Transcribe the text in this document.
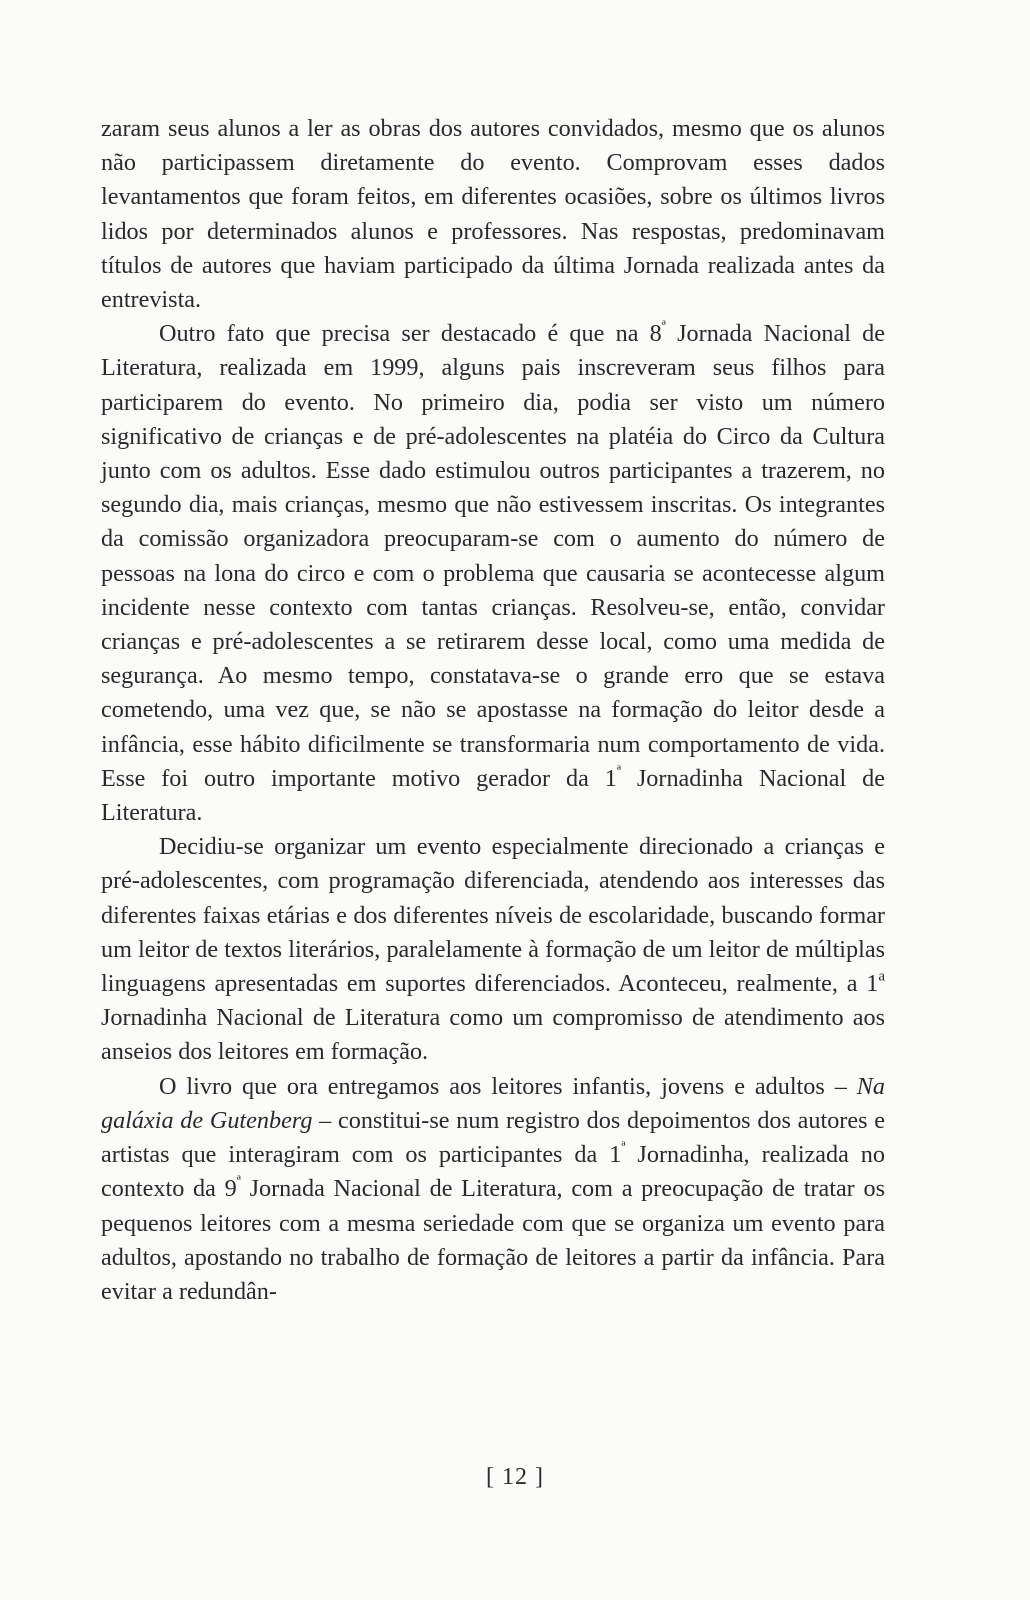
zaram seus alunos a ler as obras dos autores convidados, mesmo que os alunos não participassem diretamente do evento. Comprovam esses dados levantamentos que foram feitos, em diferentes ocasiões, sobre os últimos livros lidos por determinados alunos e professores. Nas respostas, predominavam títulos de autores que haviam participado da última Jornada realizada antes da entrevista.

Outro fato que precisa ser destacado é que na $8^ª$ Jornada Nacional de Literatura, realizada em 1999, alguns pais inscreveram seus filhos para participarem do evento. No primeiro dia, podia ser visto um número significativo de crianças e de pré-adolescentes na platéia do Circo da Cultura junto com os adultos. Esse dado estimulou outros participantes a trazerem, no segundo dia, mais crianças, mesmo que não estivessem inscritas. Os integrantes da comissão organizadora preocuparam-se com o aumento do número de pessoas na lona do circo e com o problema que causaria se acontecesse algum incidente nesse contexto com tantas crianças. Resolveu-se, então, convidar crianças e pré-adolescentes a se retirarem desse local, como uma medida de segurança. Ao mesmo tempo, constatava-se o grande erro que se estava cometendo, uma vez que, se não se apostasse na formação do leitor desde a infância, esse hábito dificilmente se transformaria num comportamento de vida. Esse foi outro importante motivo gerador da $1^ª$ Jornadinha Nacional de Literatura.

Decidiu-se organizar um evento especialmente direcionado a crianças e pré-adolescentes, com programação diferenciada, atendendo aos interesses das diferentes faixas etárias e dos diferentes níveis de escolaridade, buscando formar um leitor de textos literários, paralelamente à formação de um leitor de múltiplas linguagens apresentadas em suportes diferenciados. Aconteceu, realmente, a 1$^a$ Jornadinha Nacional de Literatura como um compromisso de atendimento aos anseios dos leitores em formação.

O livro que ora entregamos aos leitores infantis, jovens e adultos – Na galáxia de Gutenberg – constitui-se num registro dos depoimentos dos autores e artistas que interagiram com os participantes da $1^ª$ Jornadinha, realizada no contexto da $9^ª$ Jornada Nacional de Literatura, com a preocupação de tratar os pequenos leitores com a mesma seriedade com que se organiza um evento para adultos, apostando no trabalho de formação de leitores a partir da infância. Para evitar a redundân-

[ 12 ]
